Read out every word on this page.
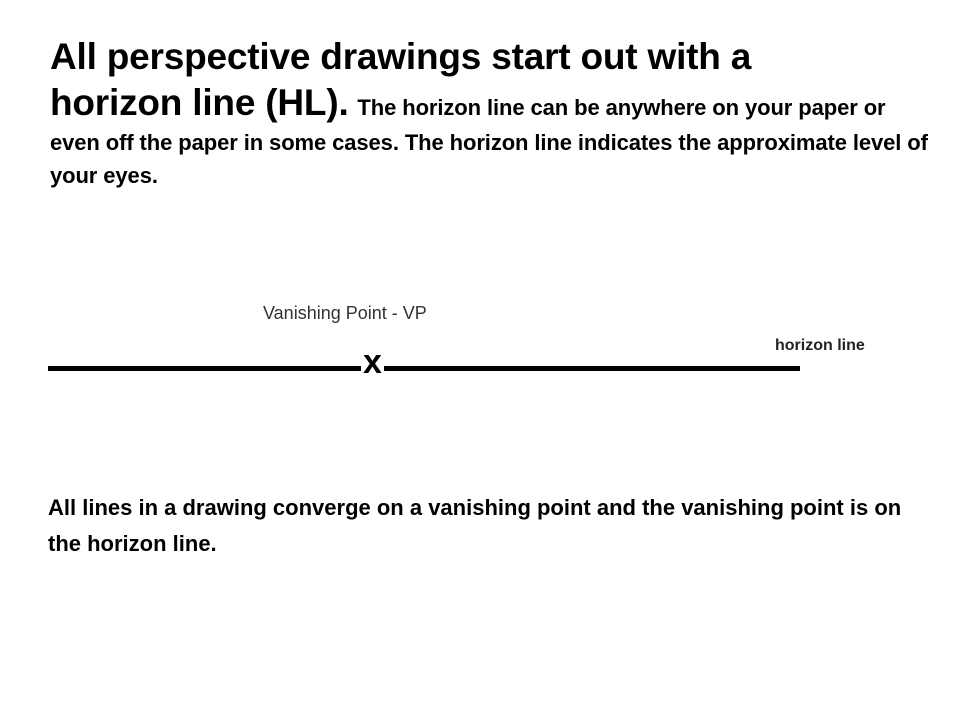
All perspective drawings start out with a
horizon line (HL). The horizon line can be anywhere on your paper or even off the paper in some cases. The horizon line indicates the approximate level of your eyes.

Vanishing Point - VP
horizon line
x

All lines in a drawing converge on a vanishing point and the vanishing point is on the horizon line.
